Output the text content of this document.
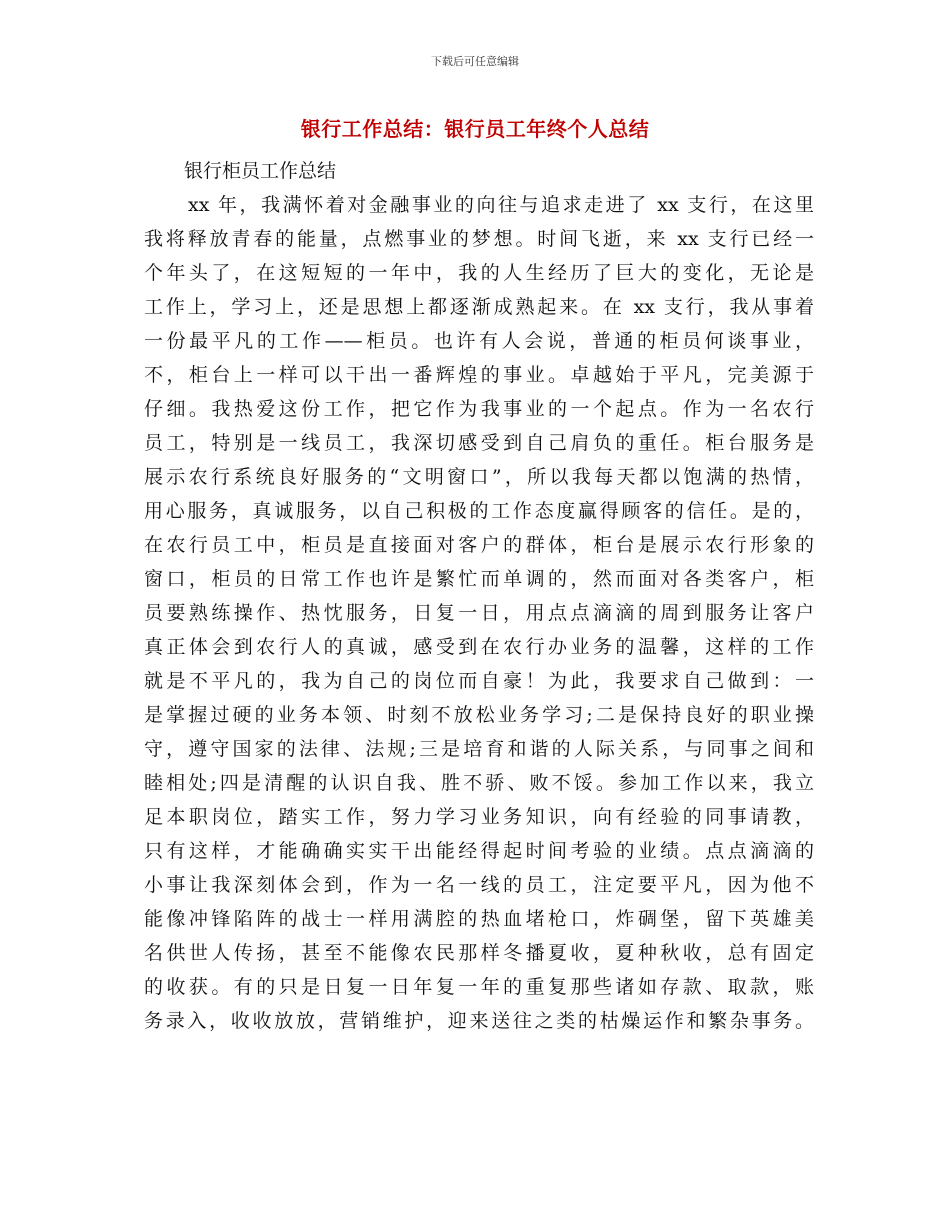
下载后可任意编辑
银行工作总结：银行员工年终个人总结
银行柜员工作总结
xx 年，我满怀着对金融事业的向往与追求走进了 xx 支行，在这里
我将释放青春的能量，点燃事业的梦想。时间飞逝，来 xx 支行已经一
个年头了，在这短短的一年中，我的人生经历了巨大的变化，无论是
工作上，学习上，还是思想上都逐渐成熟起来。在 xx 支行，我从事着
一份最平凡的工作——柜员。也许有人会说，普通的柜员何谈事业，
不，柜台上一样可以干出一番辉煌的事业。卓越始于平凡，完美源于
仔细。我热爱这份工作，把它作为我事业的一个起点。作为一名农行
员工，特别是一线员工，我深切感受到自己肩负的重任。柜台服务是
展示农行系统良好服务的“文明窗口”，所以我每天都以饱满的热情，
用心服务，真诚服务，以自己积极的工作态度赢得顾客的信任。是的，
在农行员工中，柜员是直接面对客户的群体，柜台是展示农行形象的
窗口，柜员的日常工作也许是繁忙而单调的，然而面对各类客户，柜
员要熟练操作、热忱服务，日复一日，用点点滴滴的周到服务让客户
真正体会到农行人的真诚，感受到在农行办业务的温馨，这样的工作
就是不平凡的，我为自己的岗位而自豪！为此，我要求自己做到：一
是掌握过硬的业务本领、时刻不放松业务学习;二是保持良好的职业操
守，遵守国家的法律、法规;三是培育和谐的人际关系，与同事之间和
睦相处;四是清醒的认识自我、胜不骄、败不馁。参加工作以来，我立
足本职岗位，踏实工作，努力学习业务知识，向有经验的同事请教，
只有这样，才能确确实实干出能经得起时间考验的业绩。点点滴滴的
小事让我深刻体会到，作为一名一线的员工，注定要平凡，因为他不
能像冲锋陷阵的战士一样用满腔的热血堵枪口，炸碉堡，留下英雄美
名供世人传扬，甚至不能像农民那样冬播夏收，夏种秋收，总有固定
的收获。有的只是日复一日年复一年的重复那些诸如存款、取款，账
务录入，收收放放，营销维护，迎来送往之类的枯燥运作和繁杂事务。
